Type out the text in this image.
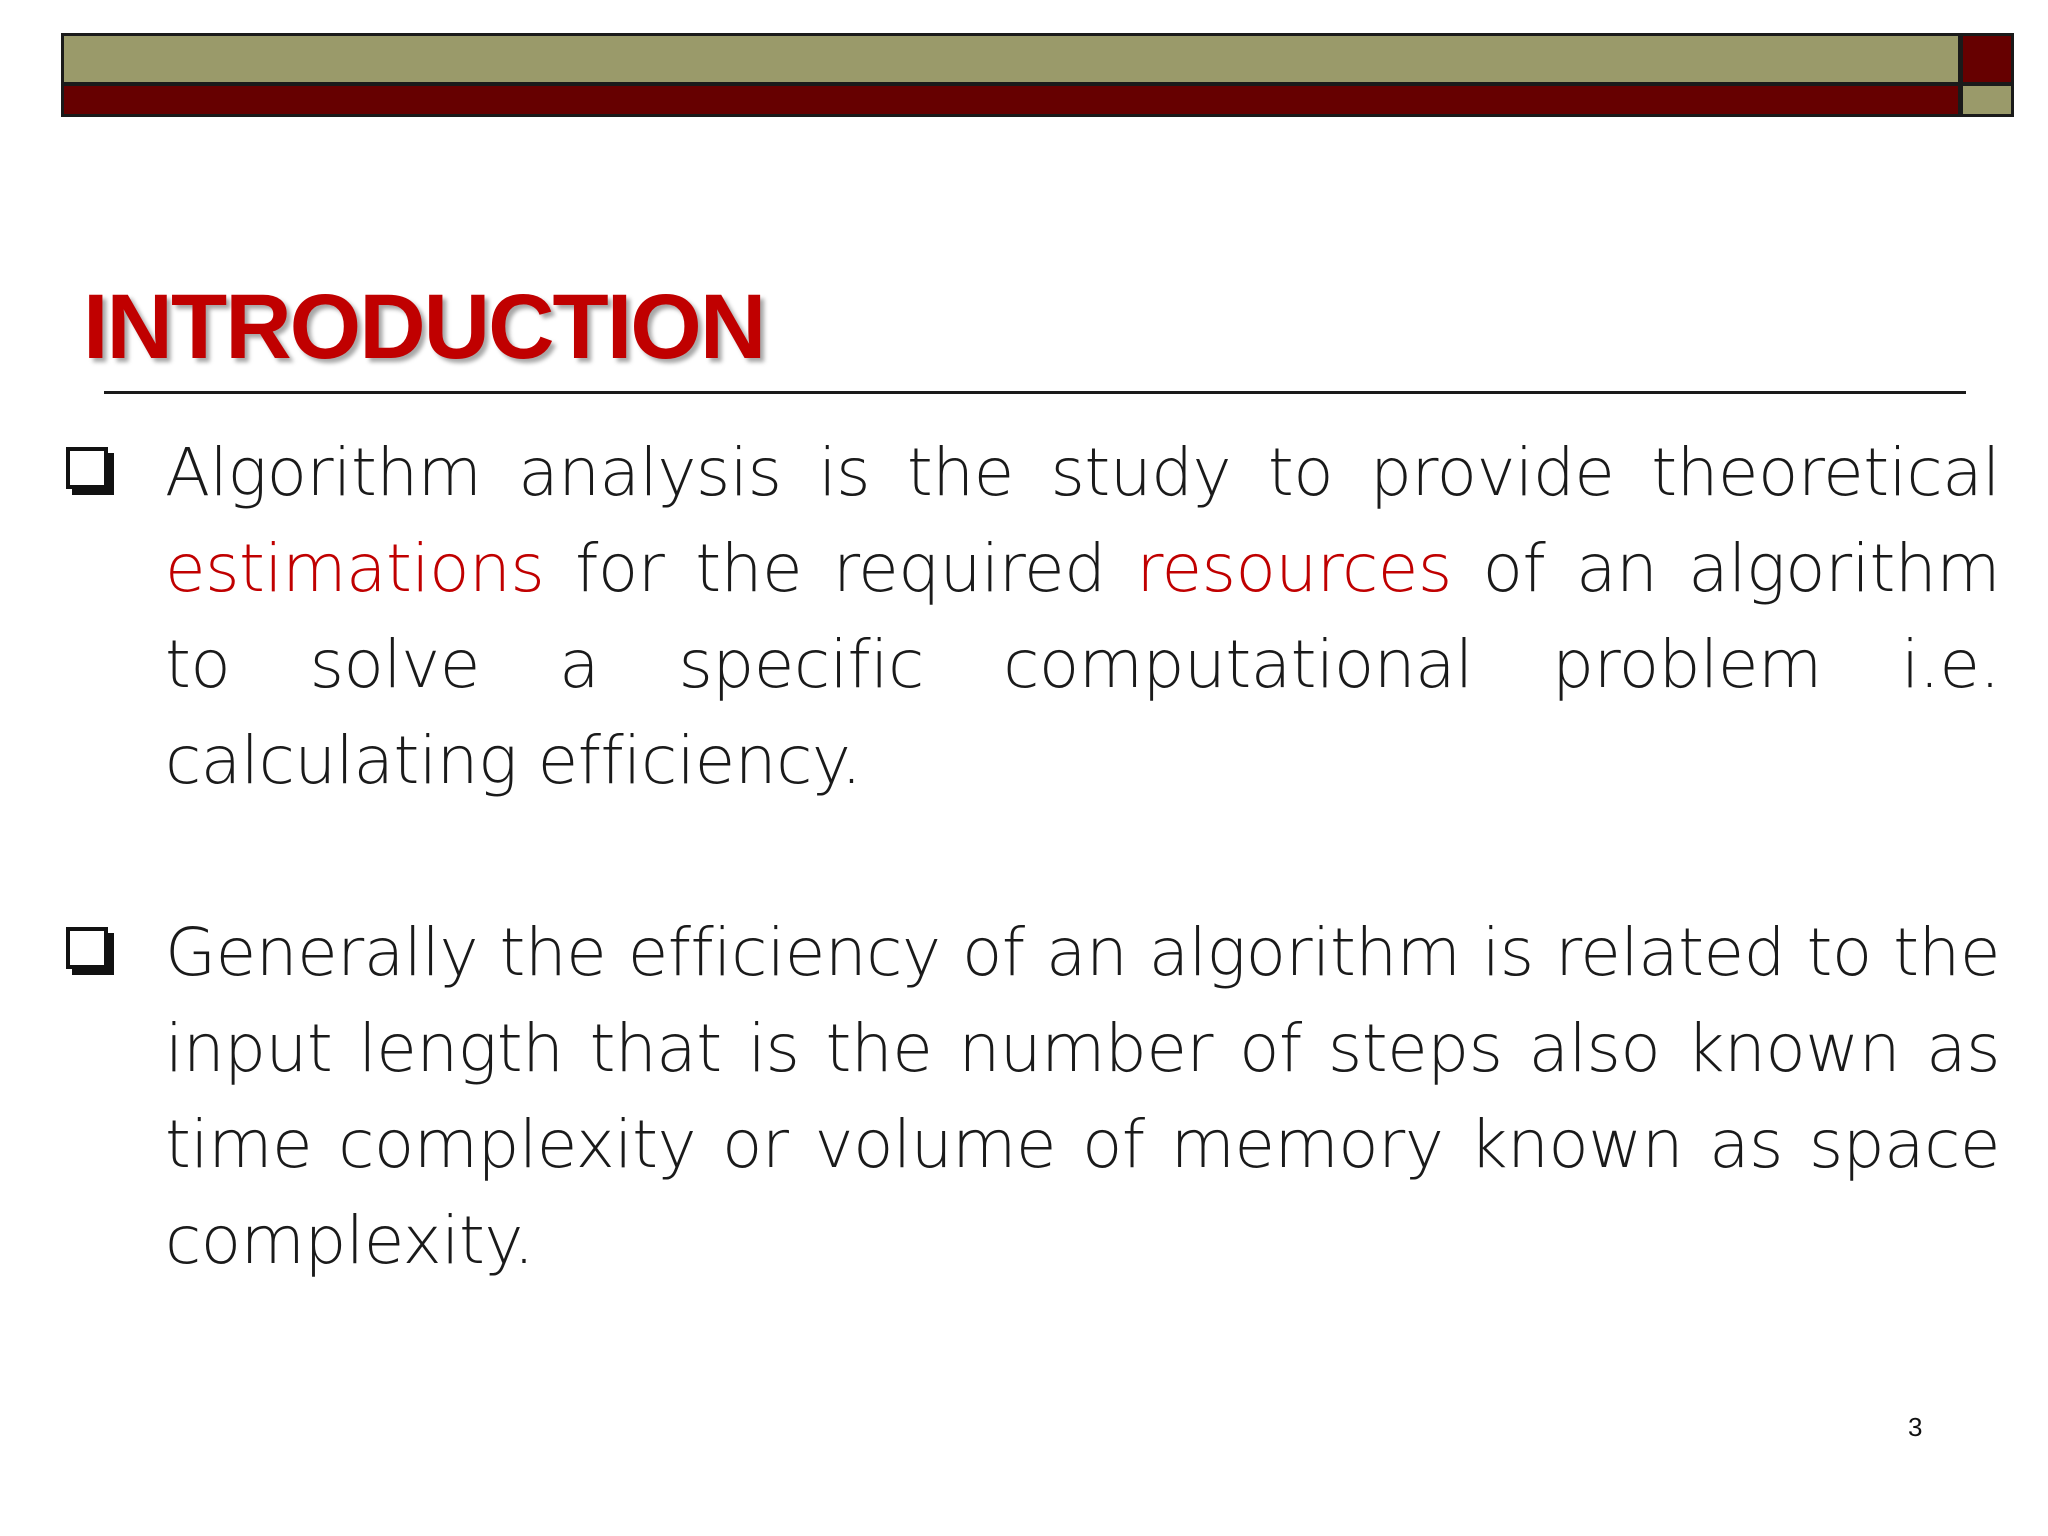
INTRODUCTION
Algorithm analysis is the study to provide theoretical estimations for the required resources of an algorithm to solve a specific computational problem i.e. calculating efficiency.
Generally the efficiency of an algorithm is related to the input length that is the number of steps also known as time complexity or volume of memory known as space complexity.
3
